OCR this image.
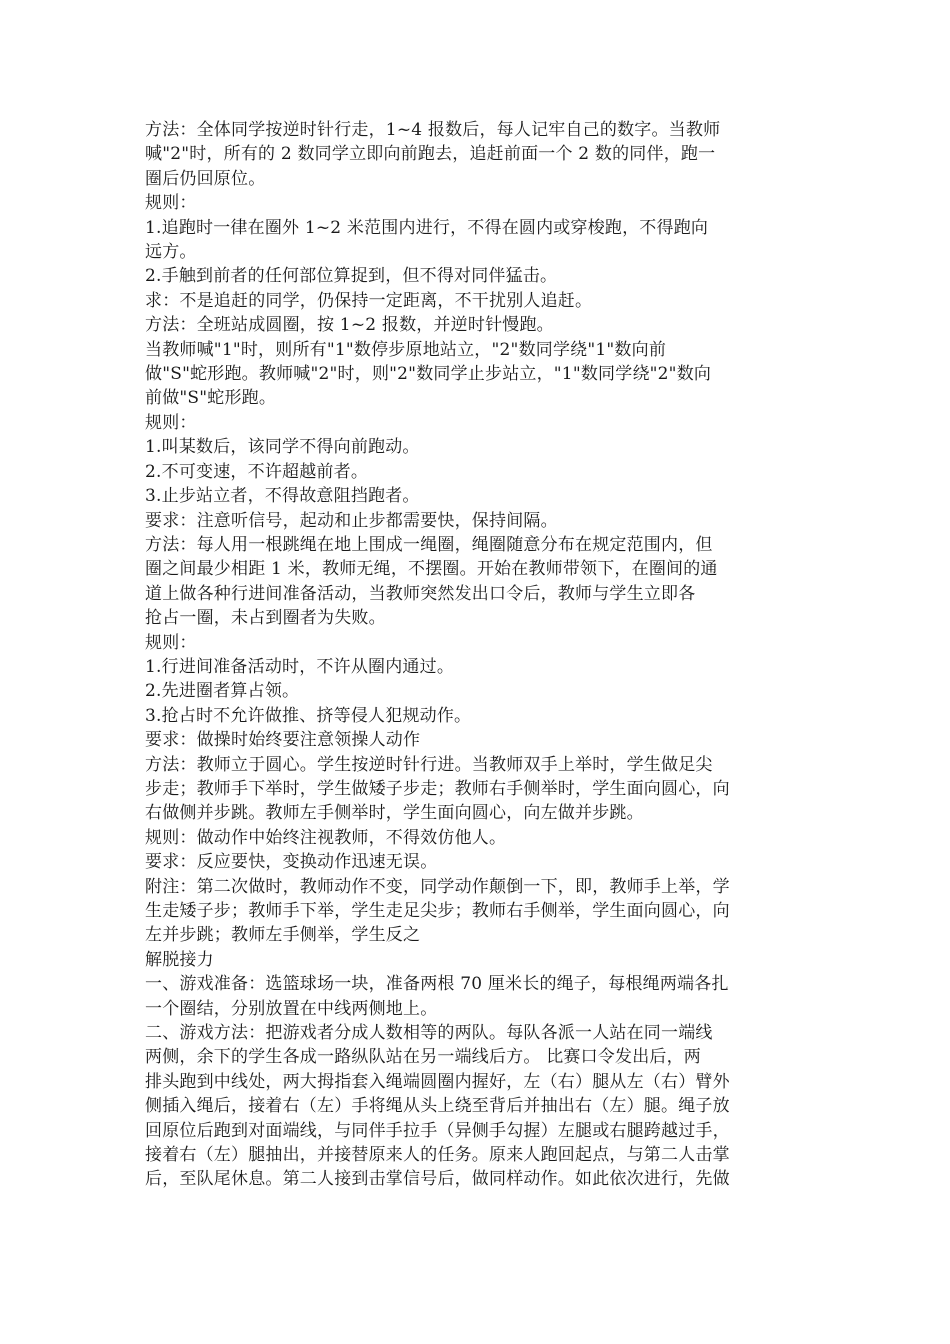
方法：全体同学按逆时针行走，1~4 报数后，每人记牢自己的数字。当教师
喊"2"时，所有的 2 数同学立即向前跑去，追赶前面一个 2 数的同伴，跑一
圈后仍回原位。
规则：
1.追跑时一律在圈外 1~2 米范围内进行，不得在圆内或穿梭跑，不得跑向
远方。
2.手触到前者的任何部位算捉到，但不得对同伴猛击。
求：不是追赶的同学，仍保持一定距离，不干扰别人追赶。
方法：全班站成圆圈，按 1~2 报数，并逆时针慢跑。
当教师喊"1"时，则所有"1"数停步原地站立，"2"数同学绕"1"数向前
做"S"蛇形跑。教师喊"2"时，则"2"数同学止步站立，"1"数同学绕"2"数向
前做"S"蛇形跑。
规则：
1.叫某数后，该同学不得向前跑动。
2.不可变速，不许超越前者。
3.止步站立者，不得故意阻挡跑者。
要求：注意听信号，起动和止步都需要快，保持间隔。
方法：每人用一根跳绳在地上围成一绳圈，绳圈随意分布在规定范围内，但
圈之间最少相距 1 米，教师无绳，不摆圈。开始在教师带领下，在圈间的通
道上做各种行进间准备活动，当教师突然发出口令后，教师与学生立即各
抢占一圈，未占到圈者为失败。
规则：
1.行进间准备活动时，不许从圈内通过。
2.先进圈者算占领。
3.抢占时不允许做推、挤等侵人犯规动作。
要求：做操时始终要注意领操人动作
方法：教师立于圆心。学生按逆时针行进。当教师双手上举时，学生做足尖
步走；教师手下举时，学生做矮子步走；教师右手侧举时，学生面向圆心，向
右做侧并步跳。教师左手侧举时，学生面向圆心，向左做并步跳。
规则：做动作中始终注视教师，不得效仿他人。
要求：反应要快，变换动作迅速无误。
附注：第二次做时，教师动作不变，同学动作颠倒一下，即，教师手上举，学
生走矮子步；教师手下举，学生走足尖步；教师右手侧举，学生面向圆心，向
左并步跳；教师左手侧举，学生反之
解脱接力
一、游戏准备：选篮球场一块，准备两根 70 厘米长的绳子，每根绳两端各扎
一个圈结，分别放置在中线两侧地上。
二、游戏方法：把游戏者分成人数相等的两队。每队各派一人站在同一端线
两侧，余下的学生各成一路纵队站在另一端线后方。 比赛口令发出后，两
排头跑到中线处，两大拇指套入绳端圆圈内握好，左（右）腿从左（右）臂外
侧插入绳后，接着右（左）手将绳从头上绕至背后并抽出右（左）腿。绳子放
回原位后跑到对面端线，与同伴手拉手（异侧手勾握）左腿或右腿跨越过手，
接着右（左）腿抽出，并接替原来人的任务。原来人跑回起点，与第二人击掌
后，至队尾休息。第二人接到击掌信号后，做同样动作。如此依次进行，先做
